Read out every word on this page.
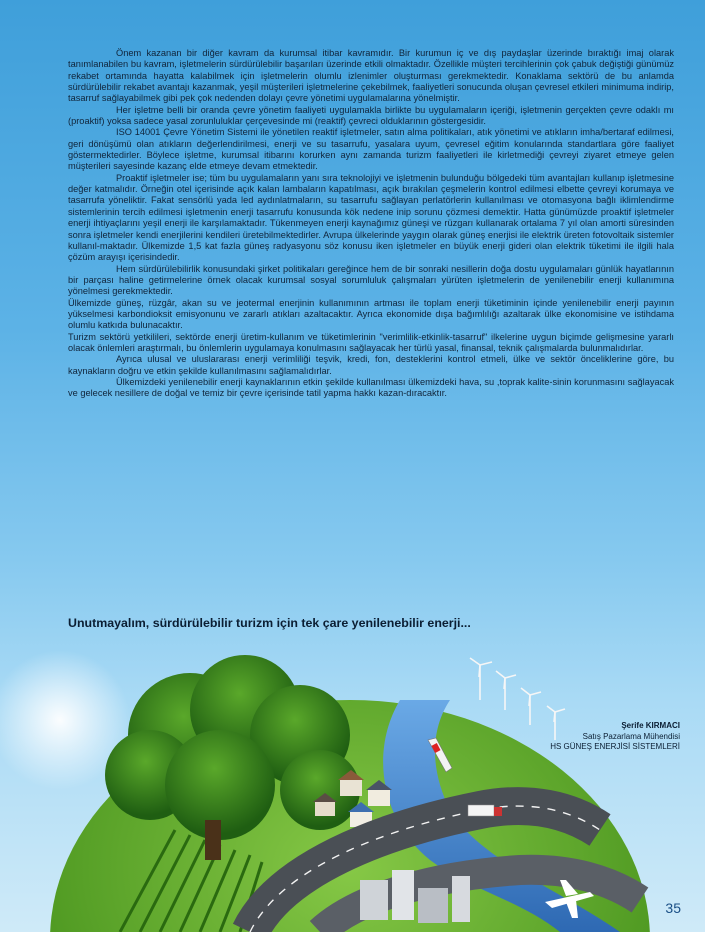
Önem kazanan bir diğer kavram da kurumsal itibar kavramıdır. Bir kurumun iç ve dış paydaşlar üzerinde bıraktığı imaj olarak tanımlanabilen bu kavram, işletmelerin sürdürülebilir başarıları üzerinde etkili olmaktadır. Özellikle müşteri tercihlerinin çok çabuk değiştiği günümüz rekabet ortamında hayatta kalabilmek için işletmelerin olumlu izlenimler oluşturması gerekmektedir. Konaklama sektörü de bu anlamda sürdürülebilir rekabet avantajı kazanmak, yeşil müşterileri işletmelerine çekebilmek, faaliyetleri sonucunda oluşan çevresel etkileri minimuma indirip, tasarruf sağlayabilmek gibi pek çok nedenden dolayı çevre yönetimi uygulamalarına yönelmiştir.

Her işletme belli bir oranda çevre yönetim faaliyeti uygulamakla birlikte bu uygulamaların içeriği, işletmenin gerçekten çevre odaklı mı (proaktif) yoksa sadece yasal zorunluluklar çerçevesinde mi (reaktif) çevreci olduklarının göstergesidir.

ISO 14001 Çevre Yönetim Sistemi ile yönetilen reaktif işletmeler, satın alma politikaları, atık yönetimi ve atıkların imha/bertaraf edilmesi, geri dönüşümü olan atıkların değerlendirilmesi, enerji ve su tasarrufu, yasalara uyum, çevresel eğitim konularında standartlara göre faaliyet göstermektedirler. Böylece işletme, kurumsal itibarını korurken aynı zamanda turizm faaliyetleri ile kirletmediği çevreyi ziyaret etmeye gelen müşterileri sayesinde kazanç elde etmeye devam etmektedir.

Proaktif işletmeler ise; tüm bu uygulamaların yanı sıra teknolojiyi ve işletmenin bulunduğu bölgedeki tüm avantajları kullanıp işletmesine değer katmalıdır. Örneğin otel içerisinde açık kalan lambaların kapatılması, açık bırakılan çeşmelerin kontrol edilmesi elbette çevreyi korumaya ve tasarrufa yöneliktir. Fakat sensörlü yada led aydınlatmaların, su tasarrufu sağlayan perlatörlerin kullanılması ve otomasyona bağlı iklimlendirme sistemlerinin tercih edilmesi işletmenin enerji tasarrufu konusunda kök nedene inip sorunu çözmesi demektir. Hatta günümüzde proaktif işletmeler enerji ihtiyaçlarını yeşil enerji ile karşılamaktadır. Tükenmeyen enerji kaynağımız güneşi ve rüzgarı kullanarak ortalama 7 yıl olan amorti süresinden sonra işletmeler kendi enerjilerini kendileri üretebilmektedirler. Avrupa ülkelerinde yaygın olarak güneş enerjisi ile elektrik üreten fotovoltaik sistemler kullanıl-maktadır. Ülkemizde 1,5 kat fazla güneş radyasyonu söz konusu iken işletmeler en büyük enerji gideri olan elektrik tüketimi ile ilgili hala çözüm arayışı içerisindedir.

Hem sürdürülebilirlik konusundaki şirket politikaları gereğince hem de bir sonraki nesillerin doğa dostu uygulamaları günlük hayatlarının bir parçası haline getirmelerine örnek olacak kurumsal sosyal sorumluluk çalışmaları yürüten işletmelerin de yenilenebilir enerji kullanımına yönelmesi gerekmektedir.

Ülkemizde güneş, rüzgâr, akan su ve jeotermal enerjinin kullanımının artması ile toplam enerji tüketiminin içinde yenilenebilir enerji payının yükselmesi karbondioksit emisyonunu ve zararlı atıkları azaltacaktır. Ayrıca ekonomide dışa bağımlılığı azaltarak ülke ekonomisine ve istihdama olumlu katkıda bulunacaktır.

Turizm sektörü yetkilileri, sektörde enerji üretim-kullanım ve tüketimlerinin "verimlilik-etkinlik-tasarruf" ilkelerine uygun biçimde gelişmesine yararlı olacak önlemleri araştırmalı, bu önlemlerin uygulamaya konulmasını sağlayacak her türlü yasal, finansal, teknik çalışmalarda bulunmalıdırlar.

Ayrıca ulusal ve uluslararası enerji verimliliği teşvik, kredi, fon, desteklerini kontrol etmeli, ülke ve sektör önceliklerine göre, bu kaynakların doğru ve etkin şekilde kullanılmasını sağlamalıdırlar.

Ülkemizdeki yenilenebilir enerji kaynaklarının etkin şekilde kullanılması ülkemizdeki hava, su ,toprak kalite-sinin korunmasını sağlayacak ve gelecek nesillere de doğal ve temiz bir çevre içerisinde tatil yapma hakkı kazan-dıracaktır.

Unutmayalım, sürdürülebilir turizm için tek çare yenilenebilir enerji...
Şerife KIRMACI
Satış Pazarlama Mühendisi
HS GÜNEŞ ENERJİSİ SİSTEMLERİ
35
